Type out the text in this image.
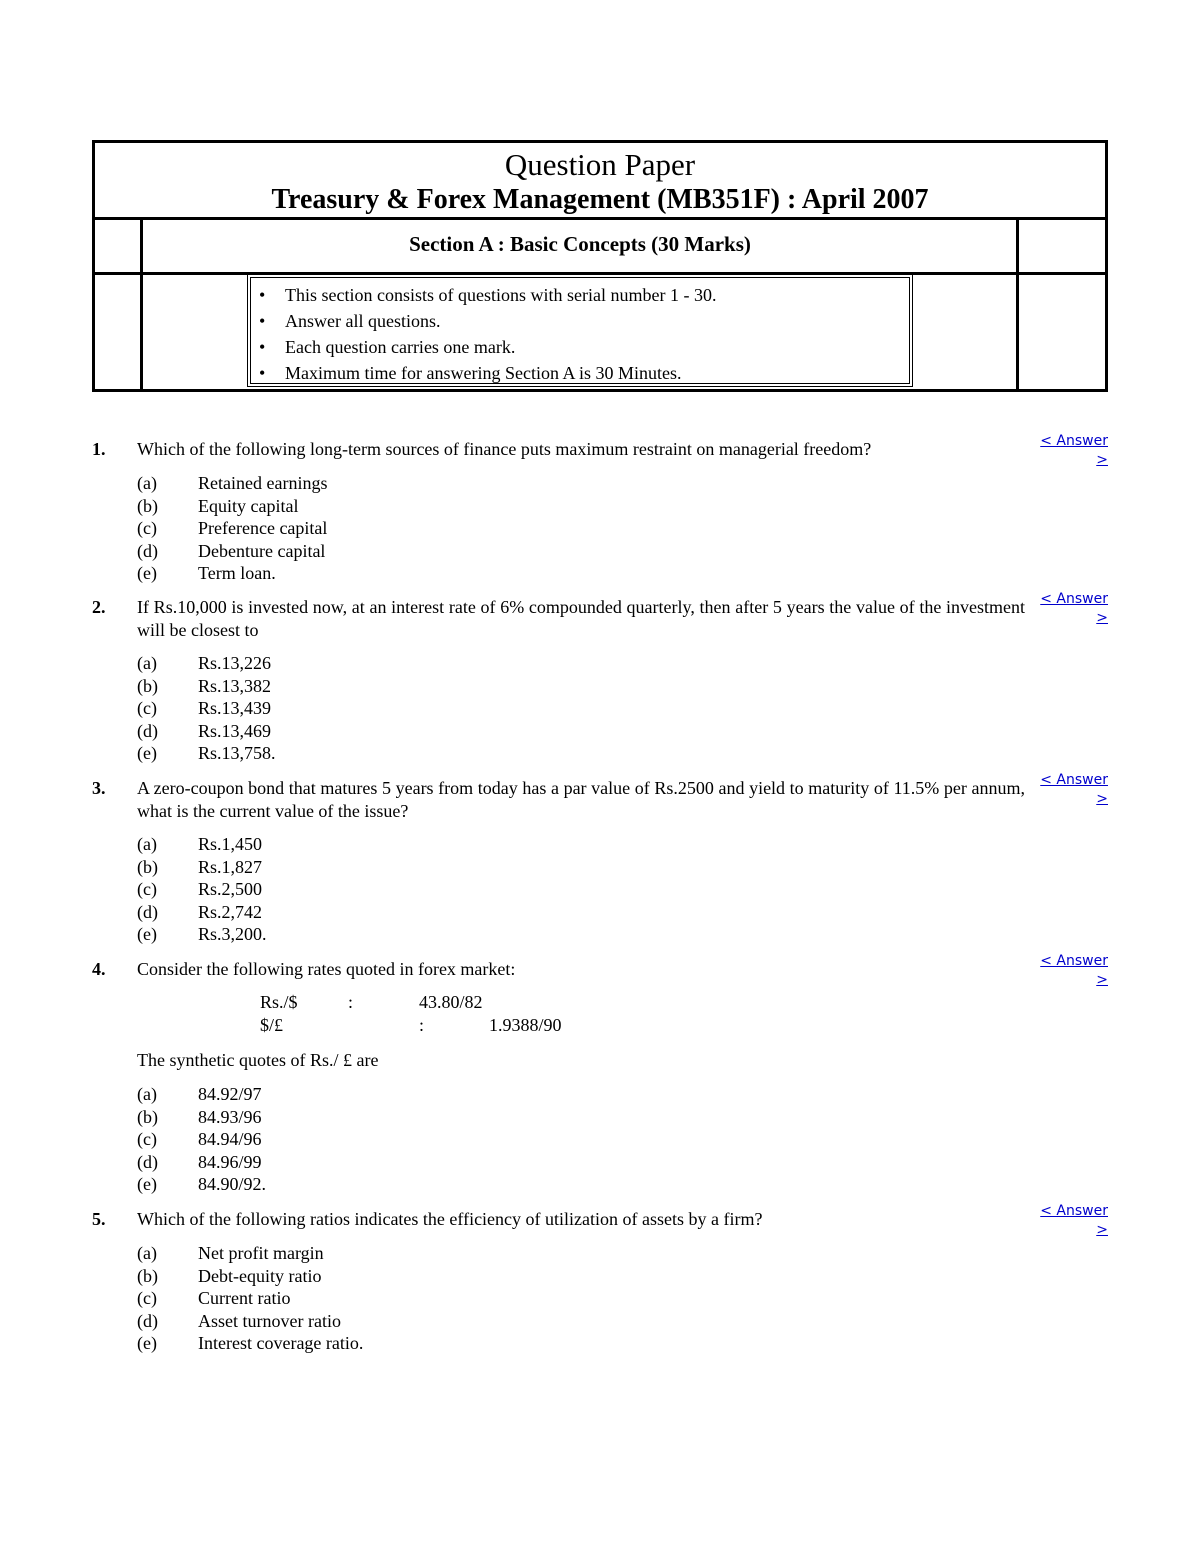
Question Paper
Treasury & Forex Management (MB351F) : April 2007
Section A : Basic Concepts (30 Marks)
• This section consists of questions with serial number 1 - 30.
• Answer all questions.
• Each question carries one mark.
• Maximum time for answering Section A is 30 Minutes.
1. Which of the following long-term sources of finance puts maximum restraint on managerial freedom?	< Answer
>
(a) Retained earnings
(b) Equity capital
(c) Preference capital
(d) Debenture capital
(e) Term loan.
2. If Rs.10,000 is invested now, at an interest rate of 6% compounded quarterly, then after 5 years the value of the investment will be closest to
< Answer
>
(a) Rs.13,226
(b) Rs.13,382
(c) Rs.13,439
(d) Rs.13,469
(e) Rs.13,758.
3. A zero-coupon bond that matures 5 years from today has a par value of Rs.2500 and yield to maturity of 11.5% per annum, what is the current value of the issue?
< Answer
>
(a) Rs.1,450
(b) Rs.1,827
(c) Rs.2,500
(d) Rs.2,742
(e) Rs.3,200.
4. Consider the following rates quoted in forex market:	< Answer
>
Rs./$	:	43.80/82
$/£	:	1.9388/90
The synthetic quotes of Rs./ £ are
(a) 84.92/97
(b) 84.93/96
(c) 84.94/96
(d) 84.96/99
(e) 84.90/92.
5. Which of the following ratios indicates the efficiency of utilization of assets by a firm?	< Answer
>
(a) Net profit margin
(b) Debt-equity ratio
(c) Current ratio
(d) Asset turnover ratio
(e) Interest coverage ratio.
